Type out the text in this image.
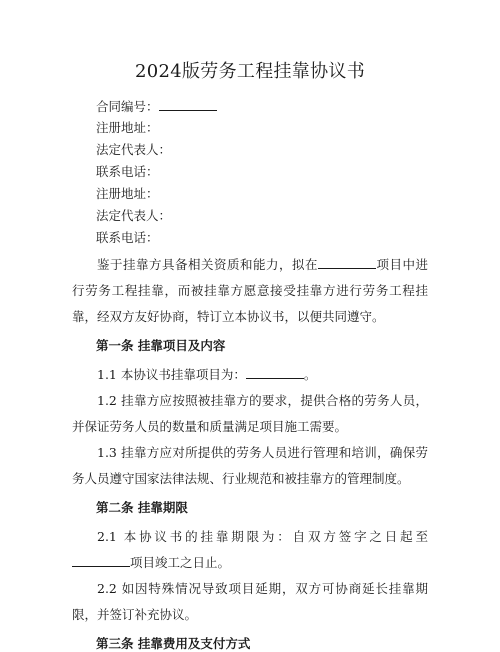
2024版劳务工程挂靠协议书
合同编号：
注册地址：
法定代表人：
联系电话：
注册地址：
法定代表人：
联系电话：

鉴于挂靠方具备相关资质和能力，拟在	项目中进行劳务工程挂靠，而被挂靠方愿意接受挂靠方进行劳务工程挂靠，经双方友好协商，特订立本协议书，以便共同遵守。

第一条 挂靠项目及内容

1.1 本协议书挂靠项目为：	。

1.2 挂靠方应按照被挂靠方的要求，提供合格的劳务人员，并保证劳务人员的数量和质量满足项目施工需要。

1.3 挂靠方应对所提供的劳务人员进行管理和培训，确保劳务人员遵守国家法律法规、行业规范和被挂靠方的管理制度。

第二条 挂靠期限

2.1 本协议书的挂靠期限为：自双方签字之日起至项目竣工之日止。

2.2 如因特殊情况导致项目延期，双方可协商延长挂靠期限，并签订补充协议。

第三条 挂靠费用及支付方式
